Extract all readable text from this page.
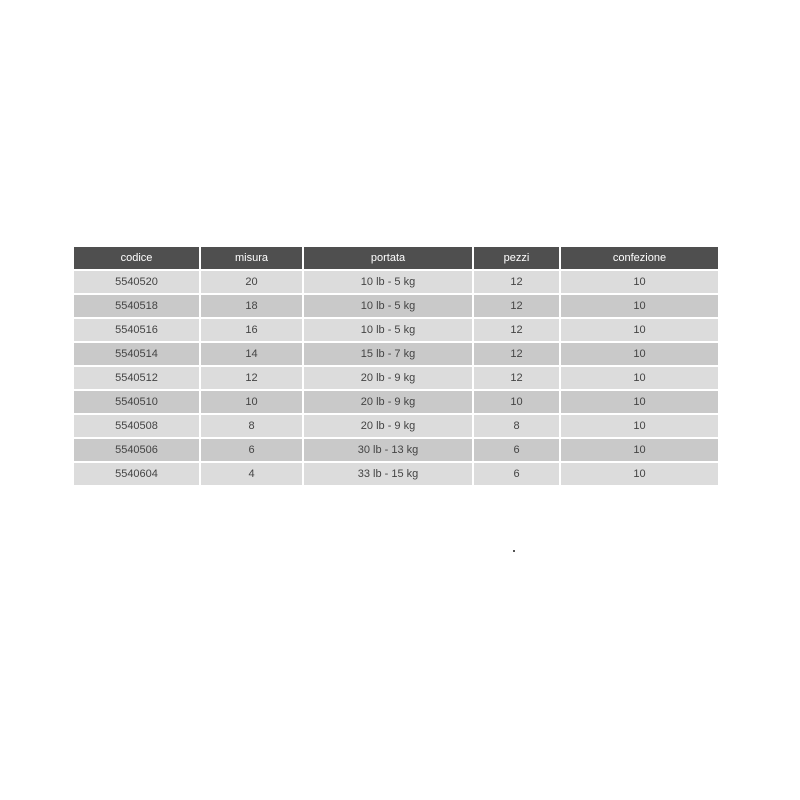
codice	misura	portata	pezzi	confezione
5540520	20	10 lb - 5 kg	12	10
5540518	18	10 lb - 5 kg	12	10
5540516	16	10 lb - 5 kg	12	10
5540514	14	15 lb - 7 kg	12	10
5540512	12	20 lb - 9 kg	12	10
5540510	10	20 lb - 9 kg	10	10
5540508	8	20 lb - 9 kg	8	10
5540506	6	30 lb - 13 kg	6	10
5540604	4	33 lb - 15 kg	6	10
